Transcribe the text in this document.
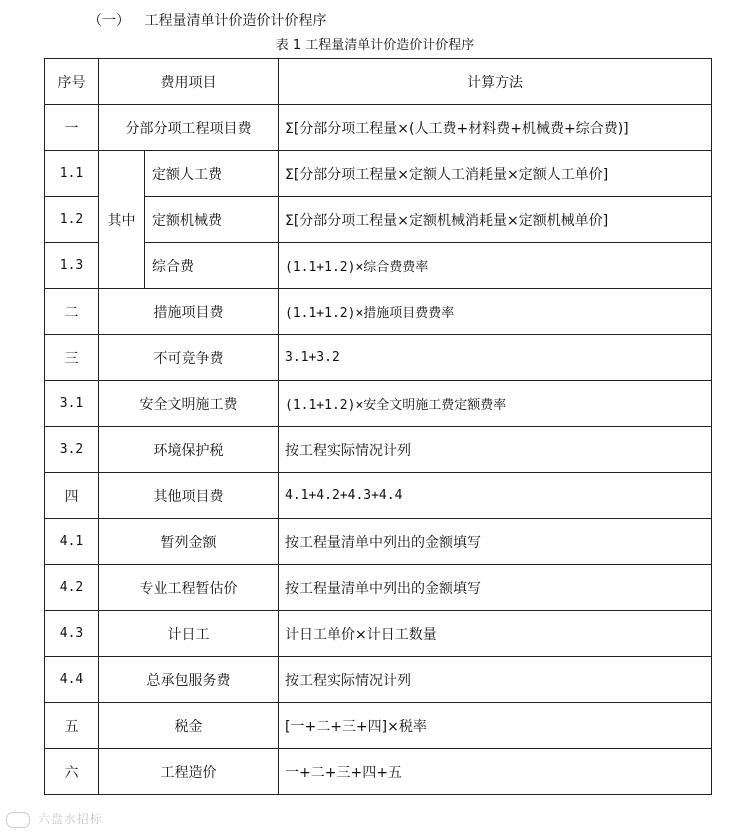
（一） 工程量清单计价造价计价程序
表 1 工程量清单计价造价计价程序
序号	费用项目		计算方法
一	分部分项工程项目费		Σ[分部分项工程量×(人工费+材料费+机械费+综合费)]
1.1	其中	定额人工费	Σ[分部分项工程量×定额人工消耗量×定额人工单价]
1.2		定额机械费	Σ[分部分项工程量×定额机械消耗量×定额机械单价]
1.3		综合费	(1.1+1.2)×综合费费率
二	措施项目费		(1.1+1.2)×措施项目费费率
三	不可竞争费		3.1+3.2
3.1	安全文明施工费		(1.1+1.2)×安全文明施工费定额费率
3.2	环境保护税		按工程实际情况计列
四	其他项目费		4.1+4.2+4.3+4.4
4.1	暂列金额		按工程量清单中列出的金额填写
4.2	专业工程暂估价		按工程量清单中列出的金额填写
4.3	计日工		计日工单价×计日工数量
4.4	总承包服务费		按工程实际情况计列
五	税金		[一+二+三+四]×税率
六	工程造价		一+二+三+四+五
六盘水招标
